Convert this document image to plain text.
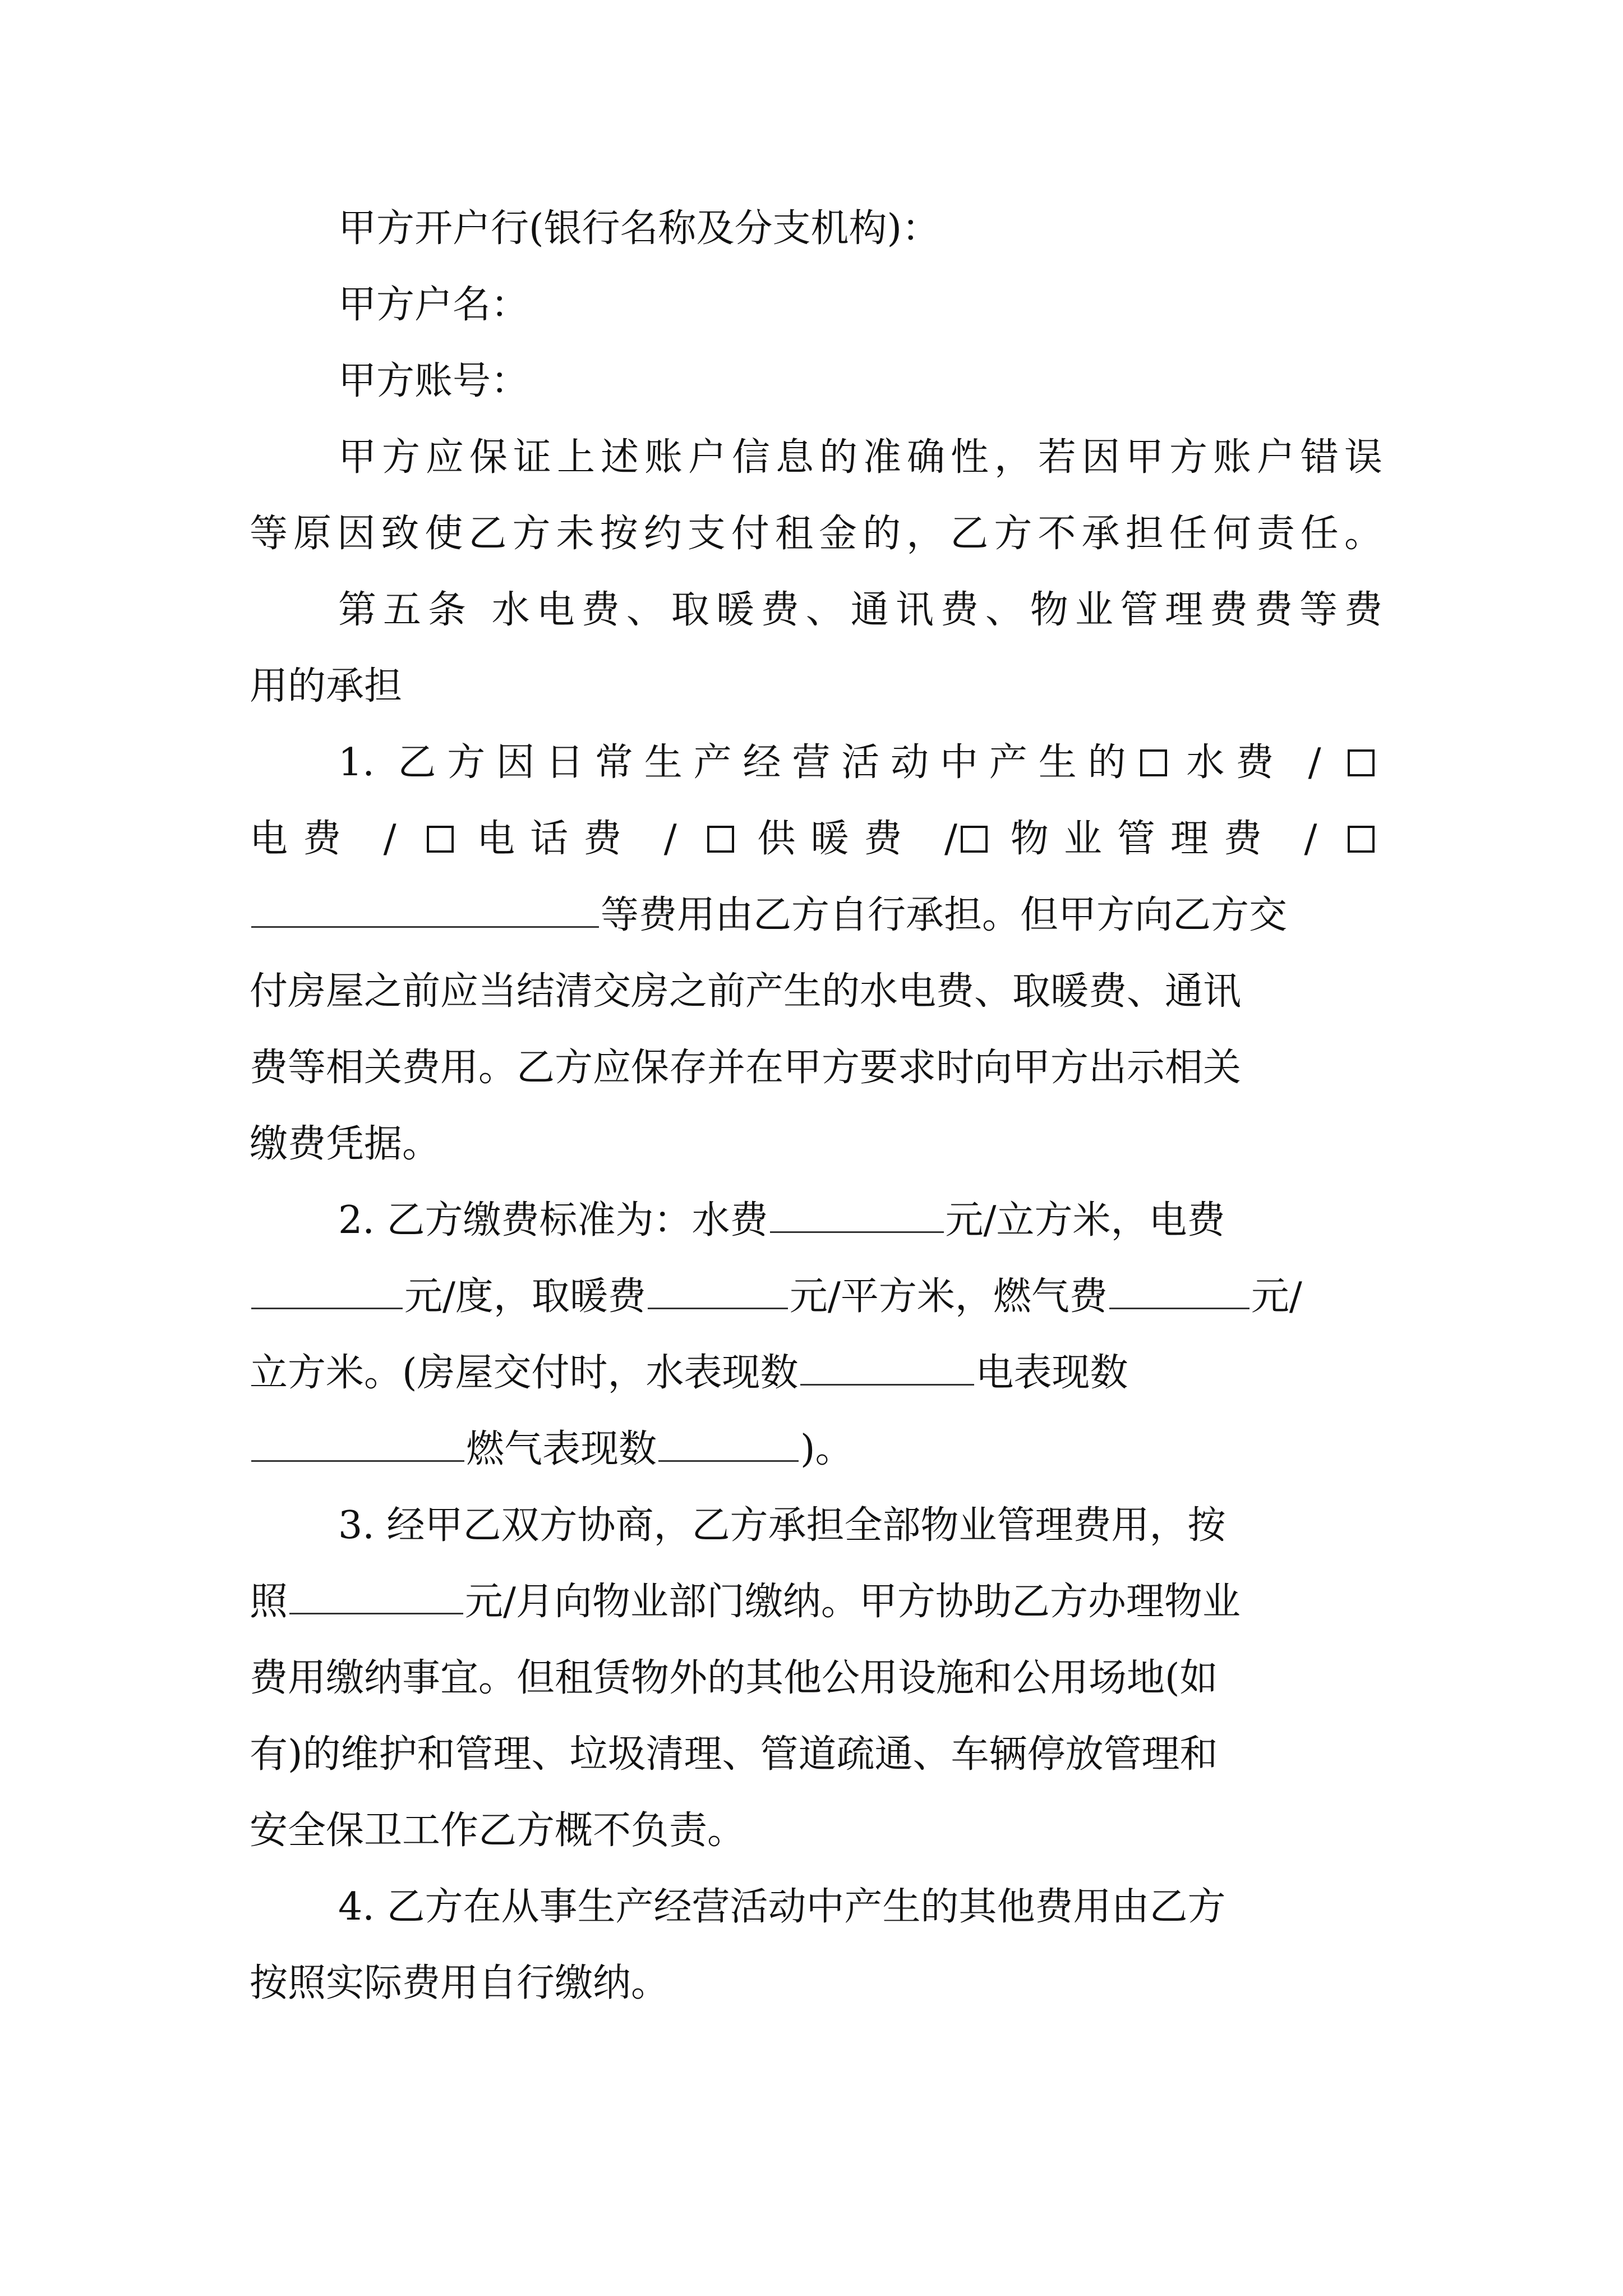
甲方开户行(银行名称及分支机构)：
甲方户名：
甲方账号：
甲方应保证上述账户信息的准确性，若因甲方账户错误
等原因致使乙方未按约支付租金的，乙方不承担任何责任。

第五条 水电费、取暖费、通讯费、物业管理费费等费
用的承担

1. 乙方因日常生产经营活动中产生的 水费 /
电费 / 电话费 / 供暖费 / 物业管理费 /
等费用由乙方自行承担。但甲方向乙方交
付房屋之前应当结清交房之前产生的水电费、取暖费、通讯
费等相关费用。乙方应保存并在甲方要求时向甲方出示相关
缴费凭据。

2. 乙方缴费标准为：水费	元/立方米，电费
元/度，取暖费	元/平方米，燃气费	元/
立方米。(房屋交付时，水表现数	电表现数
燃气表现数	)。

3. 经甲乙双方协商，乙方承担全部物业管理费用，按
照	元/月向物业部门缴纳。甲方协助乙方办理物业
费用缴纳事宜。但租赁物外的其他公用设施和公用场地(如
有)的维护和管理、垃圾清理、管道疏通、车辆停放管理和
安全保卫工作乙方概不负责。

4. 乙方在从事生产经营活动中产生的其他费用由乙方
按照实际费用自行缴纳。
